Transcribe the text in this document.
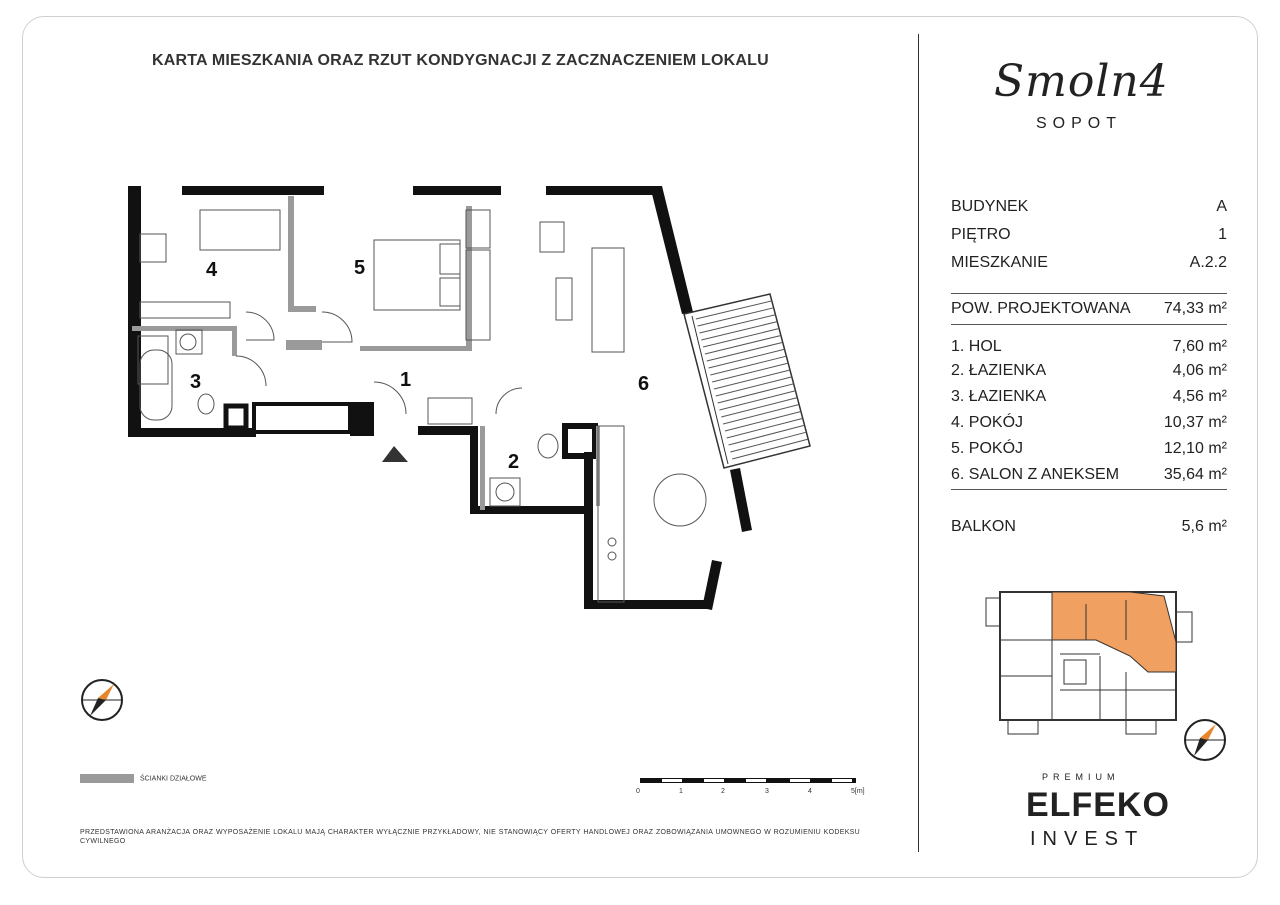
KARTA MIESZKANIA ORAZ RZUT KONDYGNACJI Z ZACZNACZENIEM LOKALU
4	5
1
3
2
6
0	1	2	3	4	5[m]
ŚCIANKI DZIAŁOWE
PRZEDSTAWIONA ARANŻACJA ORAZ WYPOSAŻENIE LOKALU MAJĄ CHARAKTER WYŁĄCZNIE PRZYKŁADOWY, NIE STANOWIĄCY OFERTY HANDLOWEJ ORAZ ZOBOWIĄZANIA UMOWNEGO W ROZUMIENIU KODEKSU CYWILNEGO
Smoln4
SOPOT
BUDYNEK	A
PIĘTRO	1
MIESZKANIE	A.2.2
POW. PROJEKTOWANA 74,33 m²
1. HOL	7,60 m²
2. ŁAZIENKA	4,06 m²
3. ŁAZIENKA	4,56 m²
4. POKÓJ	10,37 m²
5. POKÓJ	12,10 m²
6. SALON Z ANEKSEM	35,64 m²
BALKON	5,6 m²
PREMIUM
ELFEKO
INVEST
